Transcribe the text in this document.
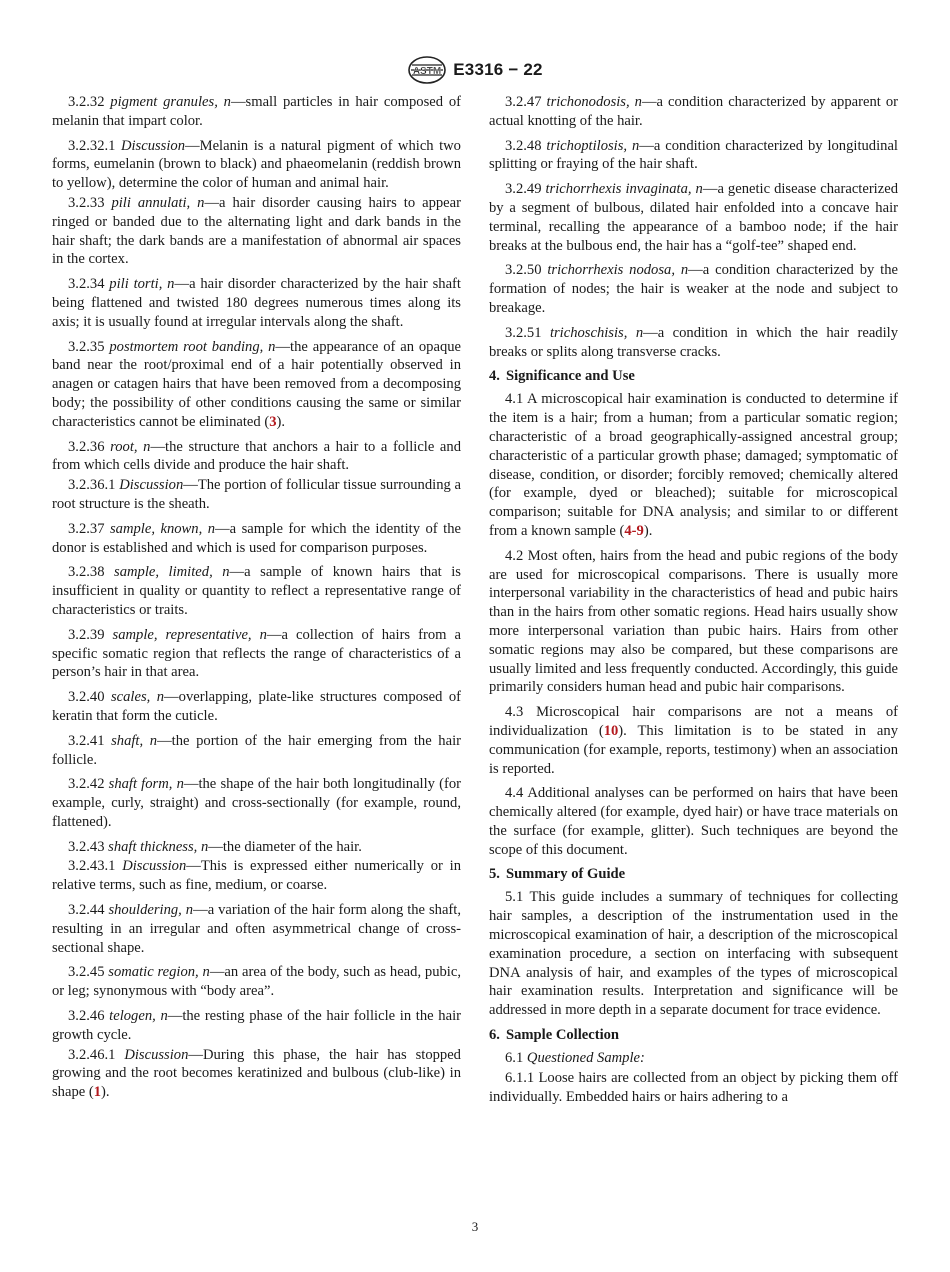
ASTM E3316 − 22

3.2.32 pigment granules, n—small particles in hair composed of melanin that impart color.

3.2.32.1 Discussion—Melanin is a natural pigment of which two forms, eumelanin (brown to black) and phaeomelanin (reddish brown to yellow), determine the color of human and animal hair.

3.2.33 pili annulati, n—a hair disorder causing hairs to appear ringed or banded due to the alternating light and dark bands in the hair shaft; the dark bands are a manifestation of abnormal air spaces in the cortex.

3.2.34 pili torti, n—a hair disorder characterized by the hair shaft being flattened and twisted 180 degrees numerous times along its axis; it is usually found at irregular intervals along the shaft.

3.2.35 postmortem root banding, n—the appearance of an opaque band near the root/proximal end of a hair potentially observed in anagen or catagen hairs that have been removed from a decomposing body; the possibility of other conditions causing the same or similar characteristics cannot be eliminated (3).

3.2.36 root, n—the structure that anchors a hair to a follicle and from which cells divide and produce the hair shaft.

3.2.36.1 Discussion—The portion of follicular tissue surrounding a root structure is the sheath.

3.2.37 sample, known, n—a sample for which the identity of the donor is established and which is used for comparison purposes.

3.2.38 sample, limited, n—a sample of known hairs that is insufficient in quality or quantity to reflect a representative range of characteristics or traits.

3.2.39 sample, representative, n—a collection of hairs from a specific somatic region that reflects the range of characteristics of a person’s hair in that area.

3.2.40 scales, n—overlapping, plate-like structures composed of keratin that form the cuticle.

3.2.41 shaft, n—the portion of the hair emerging from the hair follicle.

3.2.42 shaft form, n—the shape of the hair both longitudinally (for example, curly, straight) and cross-sectionally (for example, round, flattened).

3.2.43 shaft thickness, n—the diameter of the hair.

3.2.43.1 Discussion—This is expressed either numerically or in relative terms, such as fine, medium, or coarse.

3.2.44 shouldering, n—a variation of the hair form along the shaft, resulting in an irregular and often asymmetrical change of cross-sectional shape.

3.2.45 somatic region, n—an area of the body, such as head, pubic, or leg; synonymous with “body area”.

3.2.46 telogen, n—the resting phase of the hair follicle in the hair growth cycle.

3.2.46.1 Discussion—During this phase, the hair has stopped growing and the root becomes keratinized and bulbous (club-like) in shape (1).

3.2.47 trichonodosis, n—a condition characterized by apparent or actual knotting of the hair.

3.2.48 trichoptilosis, n—a condition characterized by longitudinal splitting or fraying of the hair shaft.

3.2.49 trichorrhexis invaginata, n—a genetic disease characterized by a segment of bulbous, dilated hair enfolded into a concave hair terminal, recalling the appearance of a bamboo node; if the hair breaks at the bulbous end, the hair has a “golf-tee” shaped end.

3.2.50 trichorrhexis nodosa, n—a condition characterized by the formation of nodes; the hair is weaker at the node and subject to breakage.

3.2.51 trichoschisis, n—a condition in which the hair readily breaks or splits along transverse cracks.

4. Significance and Use

4.1 A microscopical hair examination is conducted to determine if the item is a hair; from a human; from a particular somatic region; characteristic of a broad geographically-assigned ancestral group; characteristic of a particular growth phase; damaged; symptomatic of disease, condition, or disorder; forcibly removed; chemically altered (for example, dyed or bleached); suitable for microscopical comparison; suitable for DNA analysis; and similar to or different from a known sample (4-9).

4.2 Most often, hairs from the head and pubic regions of the body are used for microscopical comparisons. There is usually more interpersonal variability in the characteristics of head and pubic hairs than in the hairs from other somatic regions. Head hairs usually show more interpersonal variation than pubic hairs. Hairs from other somatic regions may also be compared, but these comparisons are usually limited and less frequently conducted. Accordingly, this guide primarily considers human head and pubic hair comparisons.

4.3 Microscopical hair comparisons are not a means of individualization (10). This limitation is to be stated in any communication (for example, reports, testimony) when an association is reported.

4.4 Additional analyses can be performed on hairs that have been chemically altered (for example, dyed hair) or have trace materials on the surface (for example, glitter). Such techniques are beyond the scope of this document.

5. Summary of Guide

5.1 This guide includes a summary of techniques for collecting hair samples, a description of the instrumentation used in the microscopical examination of hair, a description of the microscopical examination procedure, a section on interfacing with subsequent DNA analysis of hair, and examples of the types of microscopical hair examination results. Interpretation and significance will be addressed in more depth in a separate document for trace evidence.

6. Sample Collection

6.1 Questioned Sample:

6.1.1 Loose hairs are collected from an object by picking them off individually. Embedded hairs or hairs adhering to a

3
